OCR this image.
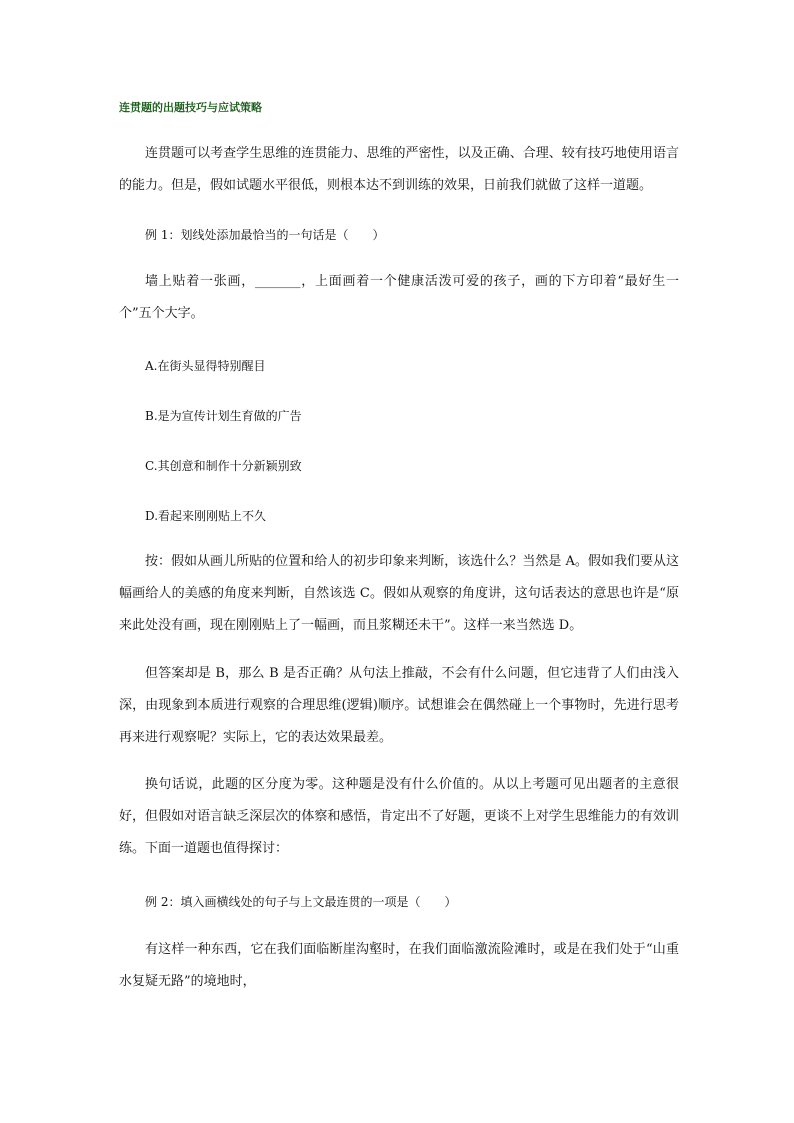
连贯题的出题技巧与应试策略

连贯题可以考查学生思维的连贯能力、思维的严密性，以及正确、合理、较有技巧地使用语言的能力。但是，假如试题水平很低，则根本达不到训练的效果，日前我们就做了这样一道题。

例 1：划线处添加最恰当的一句话是（　　）

墙上贴着一张画，_______，上面画着一个健康活泼可爱的孩子，画的下方印着“最好生一个”五个大字。

A.在街头显得特别醒目

B.是为宣传计划生育做的广告

C.其创意和制作十分新颖别致

D.看起来刚刚贴上不久

按：假如从画儿所贴的位置和给人的初步印象来判断，该选什么？当然是 A。假如我们要从这幅画给人的美感的角度来判断，自然该选 C。假如从观察的角度讲，这句话表达的意思也许是“原来此处没有画，现在刚刚贴上了一幅画，而且浆糊还未干”。这样一来当然选 D。

但答案却是 B，那么 B 是否正确？从句法上推敲，不会有什么问题，但它违背了人们由浅入深，由现象到本质进行观察的合理思维(逻辑)顺序。试想谁会在偶然碰上一个事物时，先进行思考再来进行观察呢？实际上，它的表达效果最差。

换句话说，此题的区分度为零。这种题是没有什么价值的。从以上考题可见出题者的主意很好，但假如对语言缺乏深层次的体察和感悟，肯定出不了好题，更谈不上对学生思维能力的有效训练。下面一道题也值得探讨：

例 2：填入画横线处的句子与上文最连贯的一项是（　　）

有这样一种东西，它在我们面临断崖沟壑时，在我们面临激流险滩时，或是在我们处于“山重水复疑无路”的境地时，
